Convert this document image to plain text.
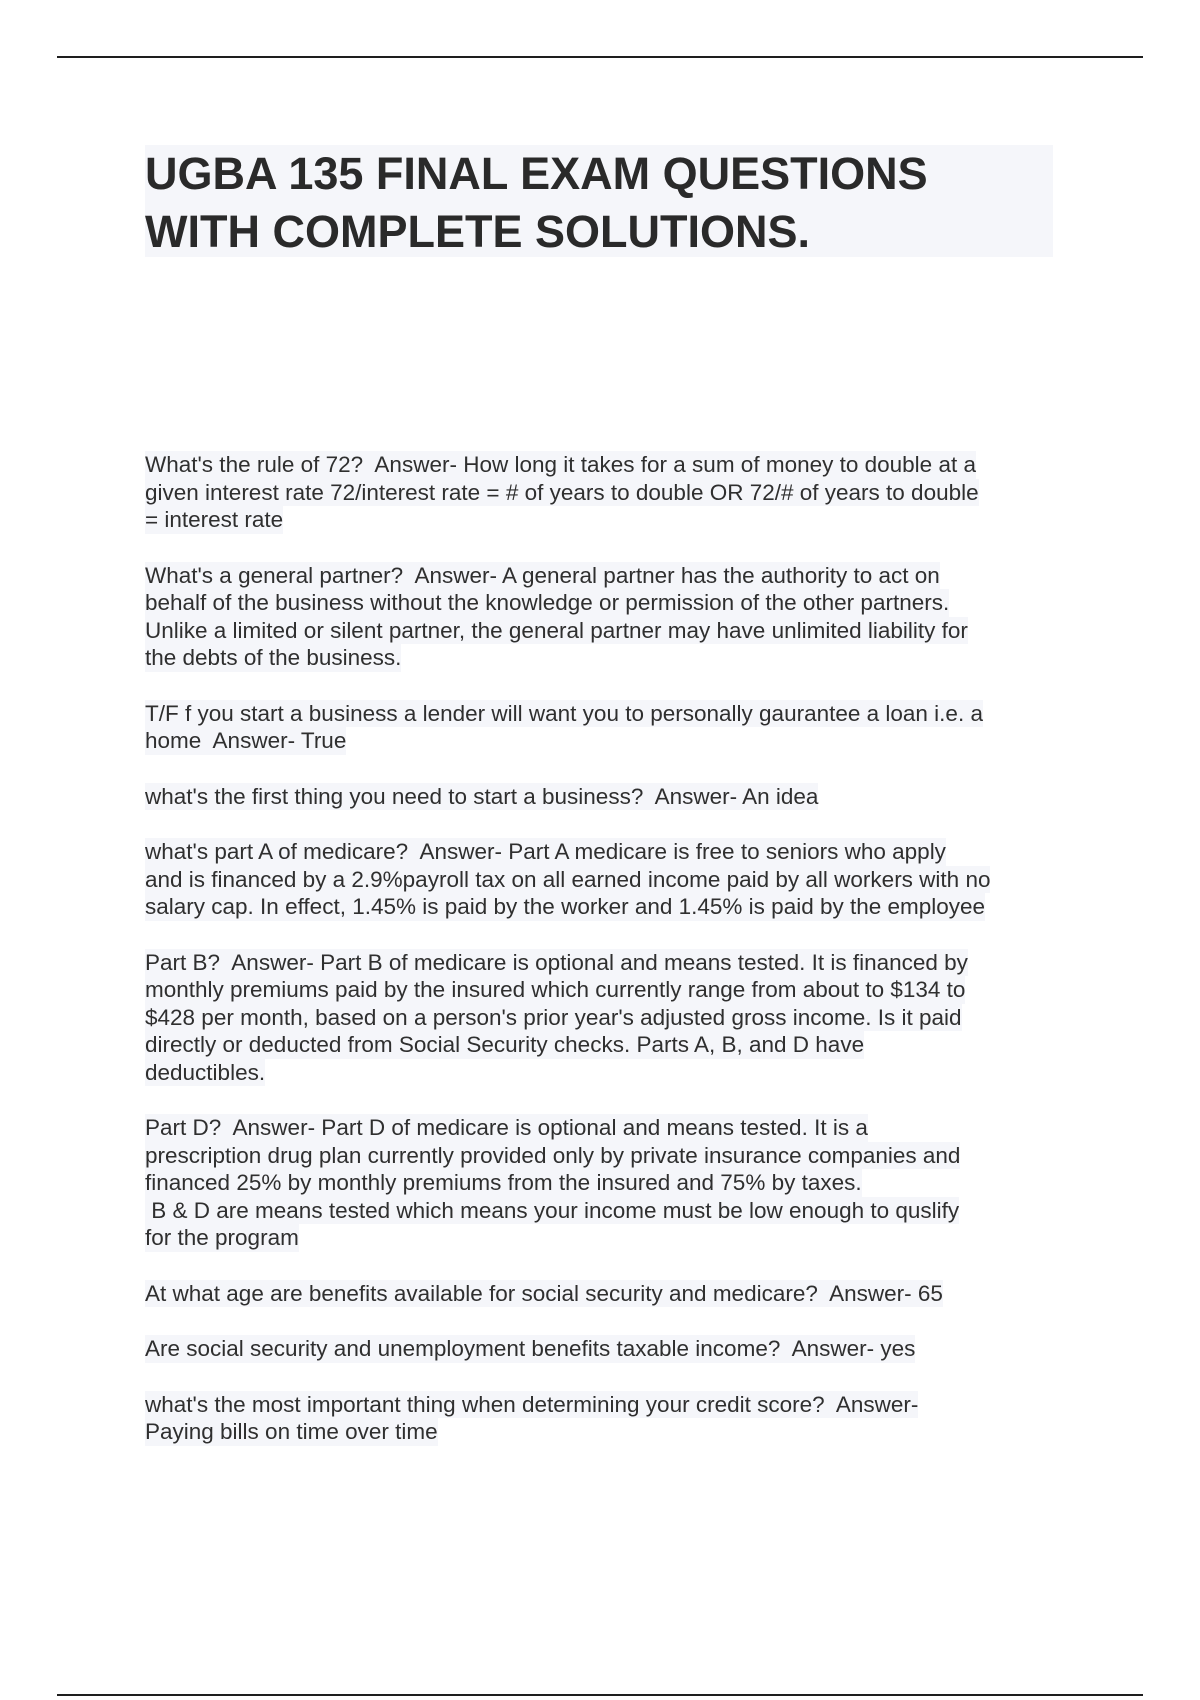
UGBA 135 FINAL EXAM QUESTIONS
WITH COMPLETE SOLUTIONS.
What's the rule of 72?  Answer- How long it takes for a sum of money to double at a
given interest rate 72/interest rate = # of years to double OR 72/# of years to double
= interest rate
What's a general partner?  Answer- A general partner has the authority to act on
behalf of the business without the knowledge or permission of the other partners.
Unlike a limited or silent partner, the general partner may have unlimited liability for
the debts of the business.
T/F f you start a business a lender will want you to personally gaurantee a loan i.e. a
home  Answer- True
what's the first thing you need to start a business?  Answer- An idea
what's part A of medicare?  Answer- Part A medicare is free to seniors who apply
and is financed by a 2.9%payroll tax on all earned income paid by all workers with no
salary cap. In effect, 1.45% is paid by the worker and 1.45% is paid by the employee
Part B?  Answer- Part B of medicare is optional and means tested. It is financed by
monthly premiums paid by the insured which currently range from about to $134 to
$428 per month, based on a person's prior year's adjusted gross income. Is it paid
directly or deducted from Social Security checks. Parts A, B, and D have
deductibles.
Part D?  Answer- Part D of medicare is optional and means tested. It is a
prescription drug plan currently provided only by private insurance companies and
financed 25% by monthly premiums from the insured and 75% by taxes.
B & D are means tested which means your income must be low enough to quslify
for the program
At what age are benefits available for social security and medicare?  Answer- 65
Are social security and unemployment benefits taxable income?  Answer- yes
what's the most important thing when determining your credit score?  Answer-
Paying bills on time over time
